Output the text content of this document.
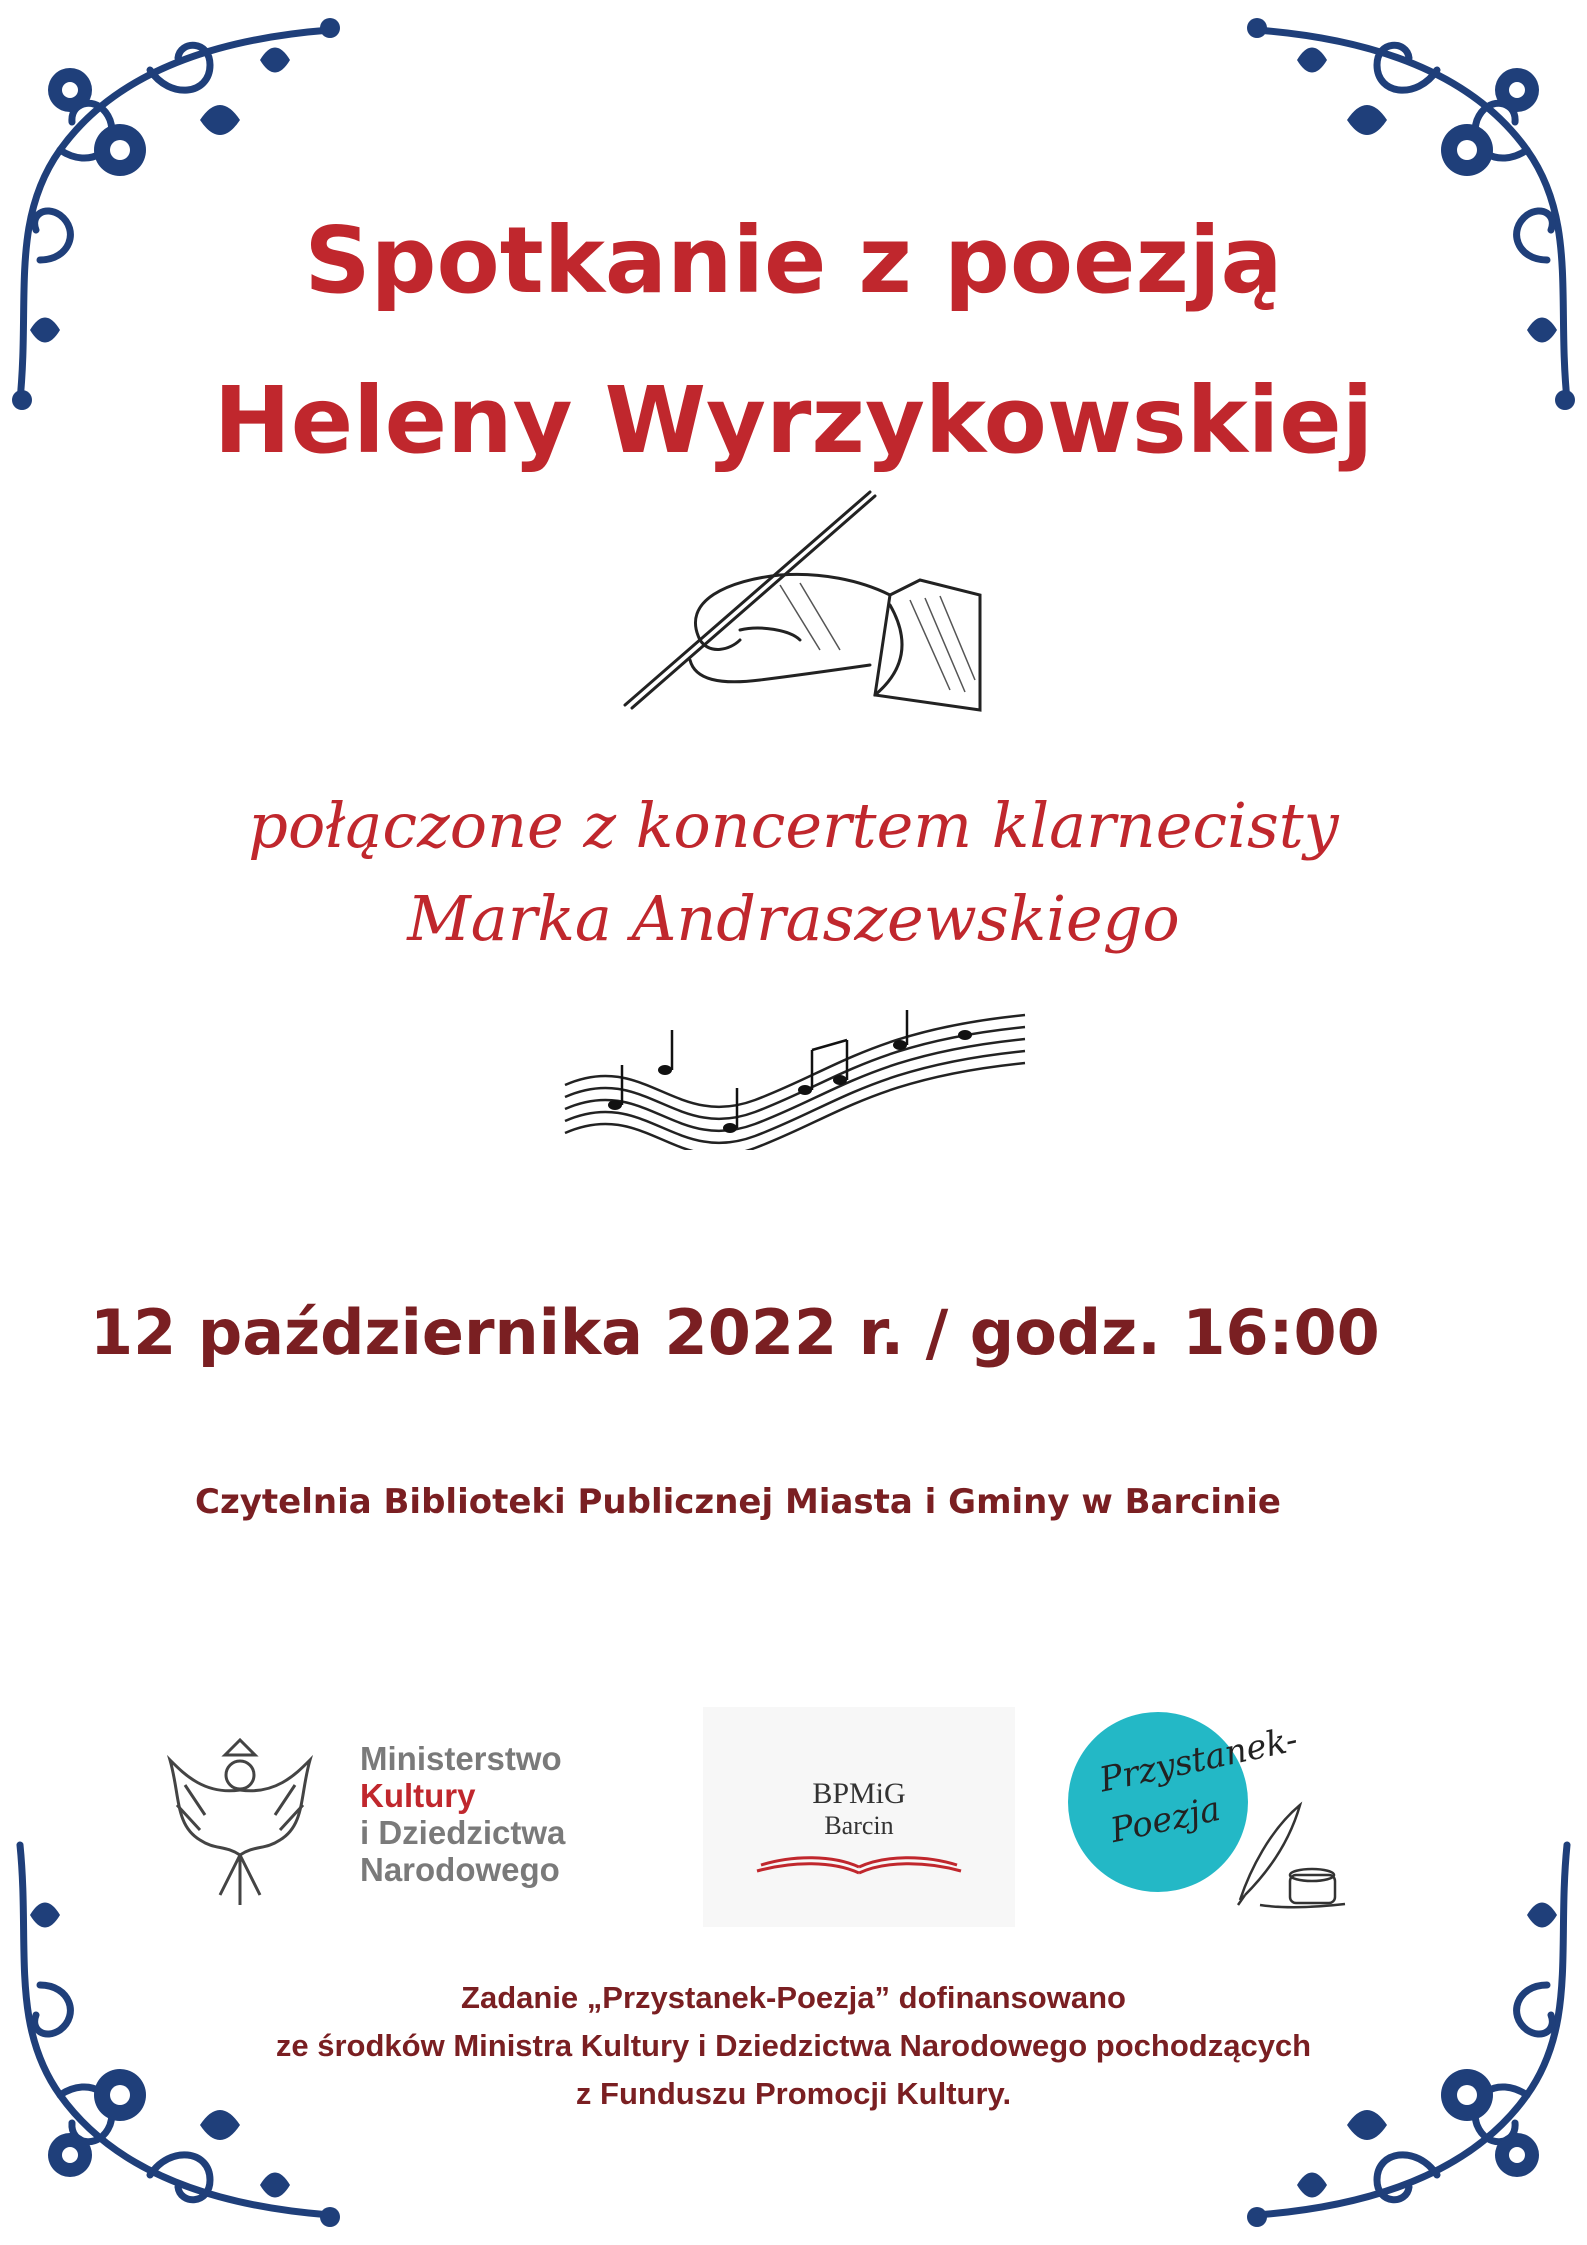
Spotkanie z poezją
Heleny Wyrzykowskiej
połączone z koncertem klarnecisty
Marka Andraszewskiego
12 października 2022 r. / godz. 16:00
Czytelnia Biblioteki Publicznej Miasta i Gminy w Barcinie
Ministerstwo
Kultury
i Dziedzictwa
Narodowego
BPMiG
Barcin
Przystanek-
Poezja
Zadanie „Przystanek-Poezja” dofinansowano
ze środków Ministra Kultury i Dziedzictwa Narodowego pochodzących
z Funduszu Promocji Kultury.
